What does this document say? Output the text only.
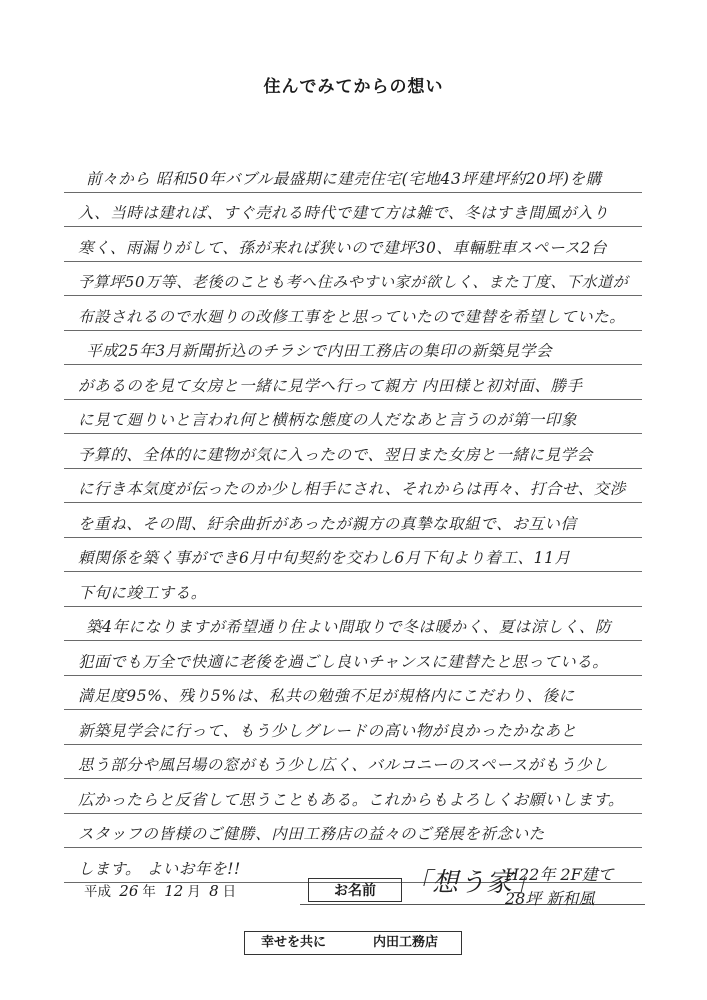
住んでみてからの想い
前々から 昭和50年バブル最盛期に建売住宅(宅地43坪建坪約20坪)を購
入、当時は建れば、すぐ売れる時代で建て方は雑で、冬はすき間風が入り
寒く、雨漏りがして、孫が来れば狭いので建坪30、車輛駐車スペース2台
予算坪50万等、老後のことも考へ住みやすい家が欲しく、また丁度、下水道が
布設されるので水廻りの改修工事をと思っていたので建替を希望していた。
平成25年3月新聞折込のチラシで内田工務店の集印の新築見学会
があるのを見て女房と一緒に見学へ行って親方 内田様と初対面、勝手
に見て廻りいと言われ何と横柄な態度の人だなあと言うのが第一印象
予算的、全体的に建物が気に入ったので、翌日また女房と一緒に見学会
に行き本気度が伝ったのか少し相手にされ、それからは再々、打合せ、交渉
を重ね、その間、紆余曲折があったが親方の真摯な取組で、お互い信
頼関係を築く事ができ6月中旬契約を交わし6月下旬より着工、11月
下旬に竣工する。
築4年になりますが希望通り住よい間取りで冬は暖かく、夏は涼しく、防
犯面でも万全で快適に老後を過ごし良いチャンスに建替たと思っている。
満足度95%、残り5%は、私共の勉強不足が規格内にこだわり、後に
新築見学会に行って、もう少しグレードの高い物が良かったかなあと
思う部分や風呂場の窓がもう少し広く、バルコニーのスペースがもう少し
広かったらと反省して思うこともある。これからもよろしくお願いします。
スタッフの皆様のご健勝、内田工務店の益々のご発展を祈念いた
します。 よいお年を!!
平成 26 年 12 月 8 日	お名前	「想う家」
H22年 2F建て
28坪 新和風
幸せを共に	内田工務店
